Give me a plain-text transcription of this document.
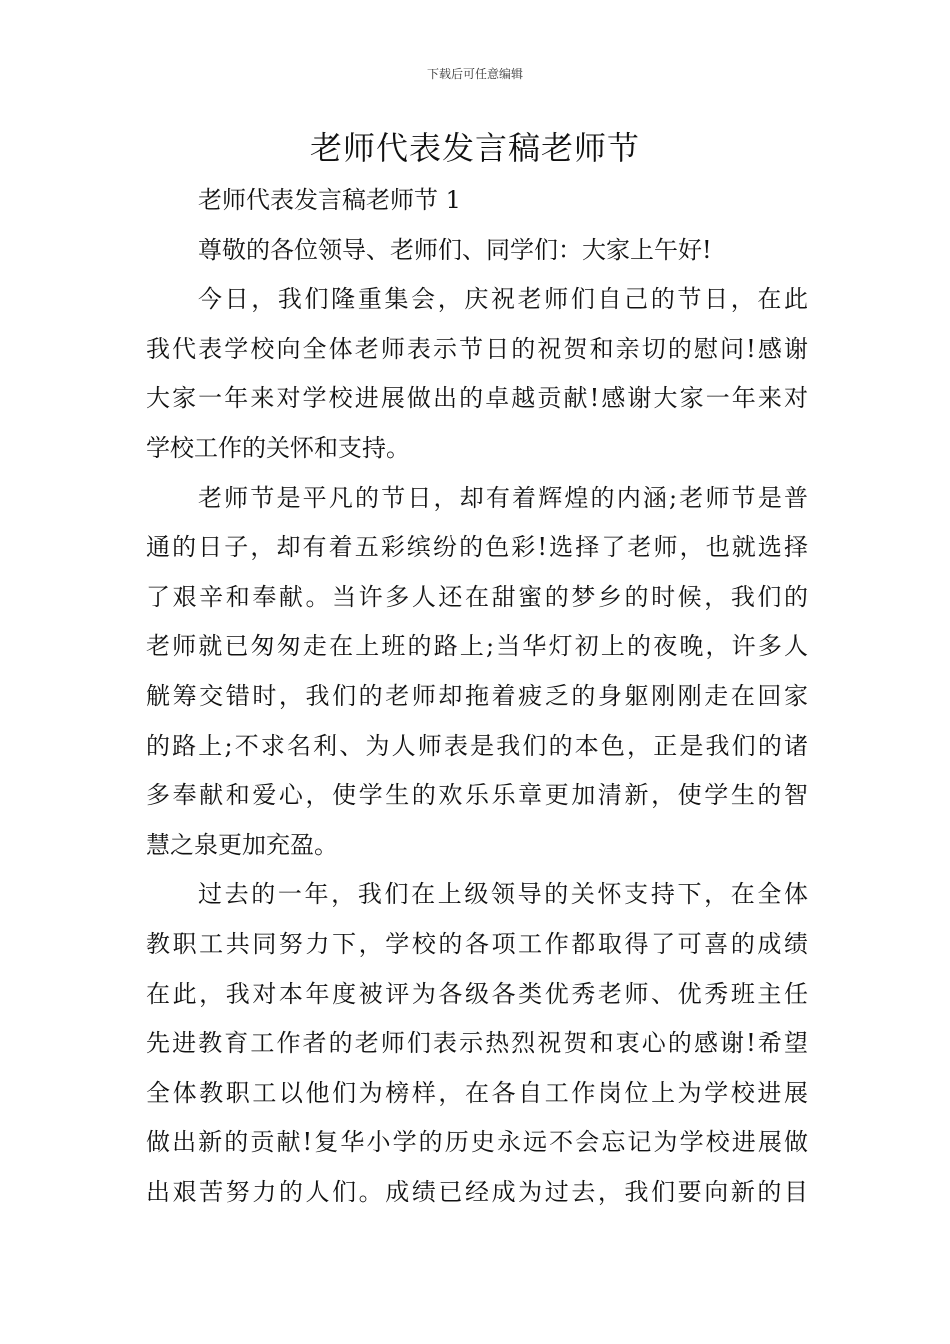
下载后可任意编辑
老师代表发言稿老师节
老师代表发言稿老师节 1
尊敬的各位领导、老师们、同学们：大家上午好!
今日，我们隆重集会，庆祝老师们自己的节日，在此
我代表学校向全体老师表示节日的祝贺和亲切的慰问!感谢
大家一年来对学校进展做出的卓越贡献!感谢大家一年来对
学校工作的关怀和支持。
老师节是平凡的节日，却有着辉煌的内涵;老师节是普
通的日子，却有着五彩缤纷的色彩!选择了老师，也就选择
了艰辛和奉献。当许多人还在甜蜜的梦乡的时候，我们的
老师就已匆匆走在上班的路上;当华灯初上的夜晚，许多人
觥筹交错时，我们的老师却拖着疲乏的身躯刚刚走在回家
的路上;不求名利、为人师表是我们的本色，正是我们的诸
多奉献和爱心，使学生的欢乐乐章更加清新，使学生的智
慧之泉更加充盈。
过去的一年，我们在上级领导的关怀支持下，在全体
教职工共同努力下，学校的各项工作都取得了可喜的成绩
在此，我对本年度被评为各级各类优秀老师、优秀班主任
先进教育工作者的老师们表示热烈祝贺和衷心的感谢!希望
全体教职工以他们为榜样，在各自工作岗位上为学校进展
做出新的贡献!复华小学的历史永远不会忘记为学校进展做
出艰苦努力的人们。成绩已经成为过去，我们要向新的目
